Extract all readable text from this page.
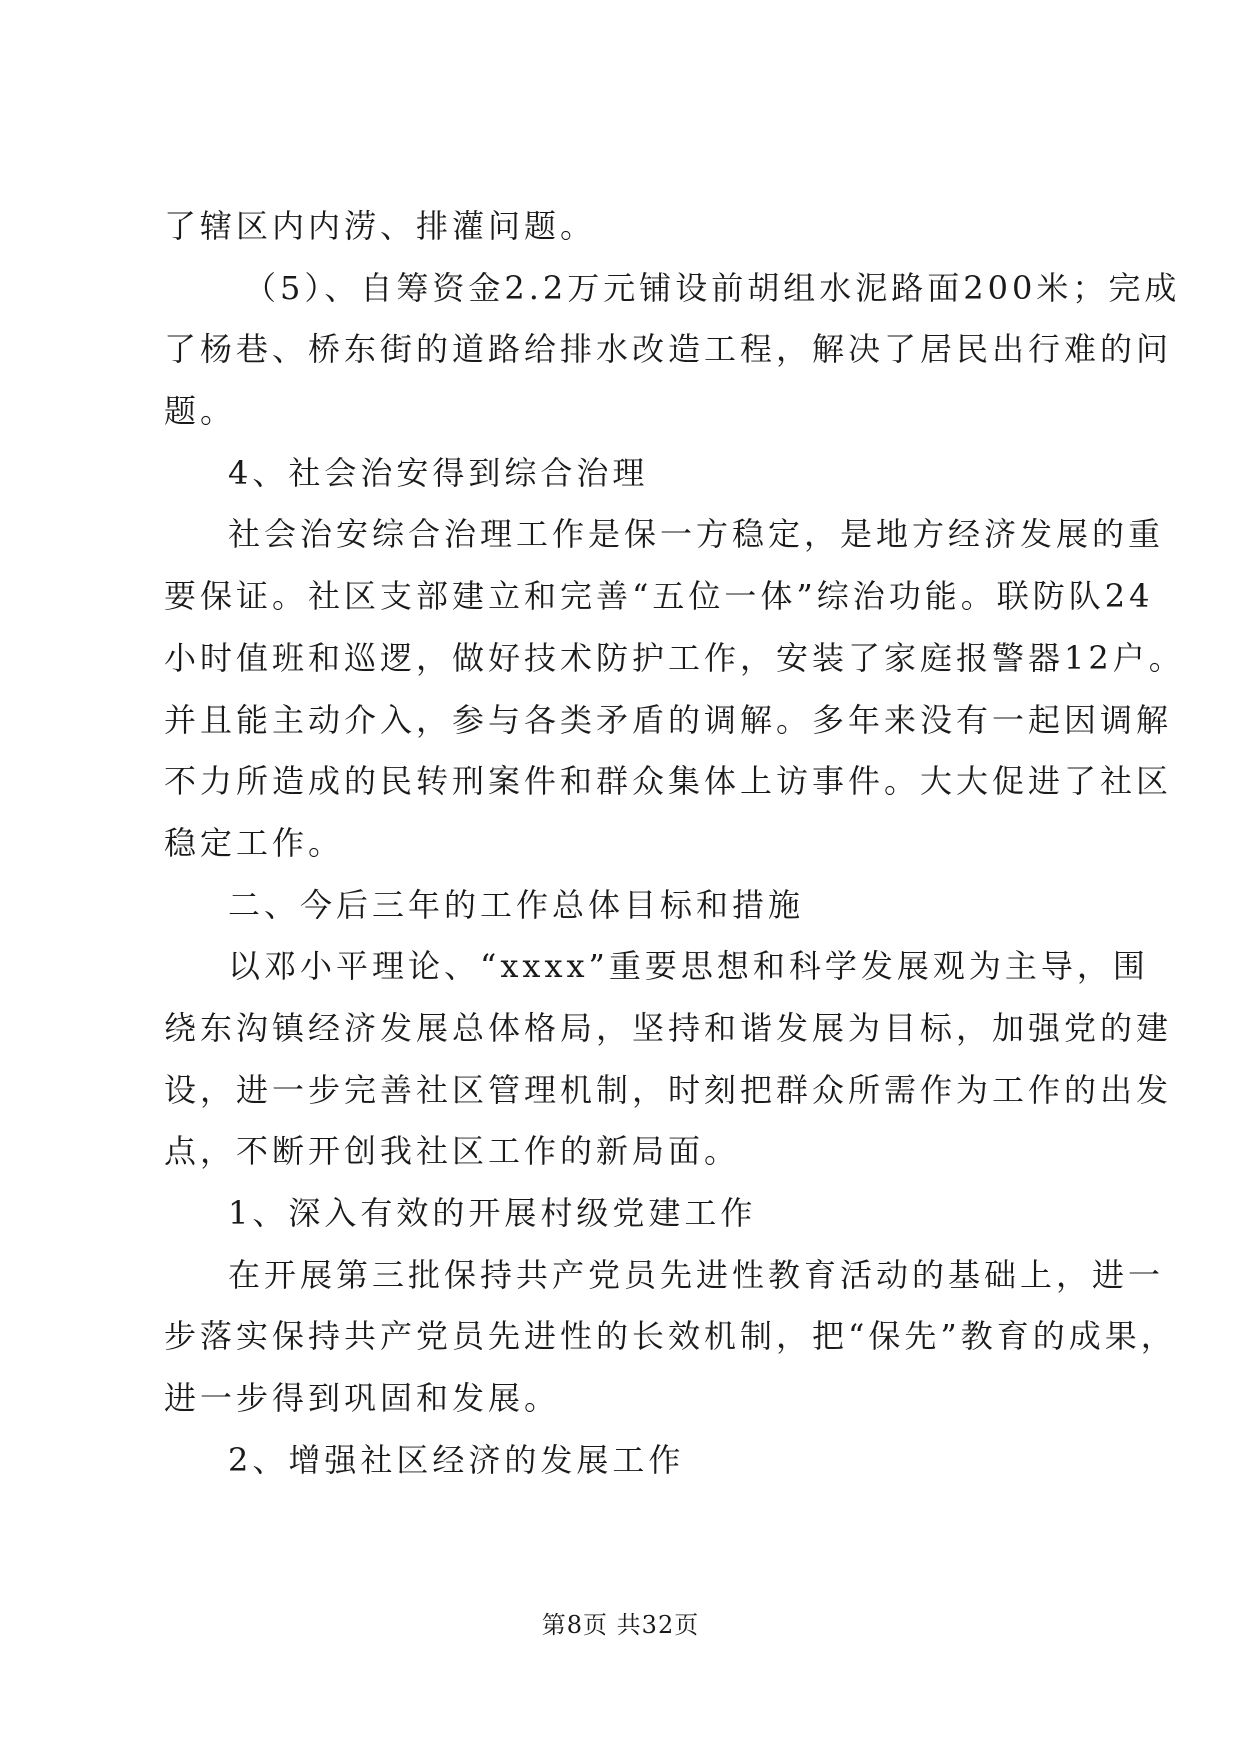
了辖区内内涝、排灌问题。
（5）、自筹资金2.2万元铺设前胡组水泥路面200米；完成
了杨巷、桥东街的道路给排水改造工程，解决了居民出行难的问
题。
4、社会治安得到综合治理
社会治安综合治理工作是保一方稳定，是地方经济发展的重
要保证。社区支部建立和完善“五位一体”综治功能。联防队24
小时值班和巡逻，做好技术防护工作，安装了家庭报警器12户。
并且能主动介入，参与各类矛盾的调解。多年来没有一起因调解
不力所造成的民转刑案件和群众集体上访事件。大大促进了社区
稳定工作。
二、今后三年的工作总体目标和措施
以邓小平理论、“xxxx”重要思想和科学发展观为主导，围
绕东沟镇经济发展总体格局，坚持和谐发展为目标，加强党的建
设，进一步完善社区管理机制，时刻把群众所需作为工作的出发
点，不断开创我社区工作的新局面。
1、深入有效的开展村级党建工作
在开展第三批保持共产党员先进性教育活动的基础上，进一
步落实保持共产党员先进性的长效机制，把“保先”教育的成果，
进一步得到巩固和发展。
2、增强社区经济的发展工作
第8页 共32页
